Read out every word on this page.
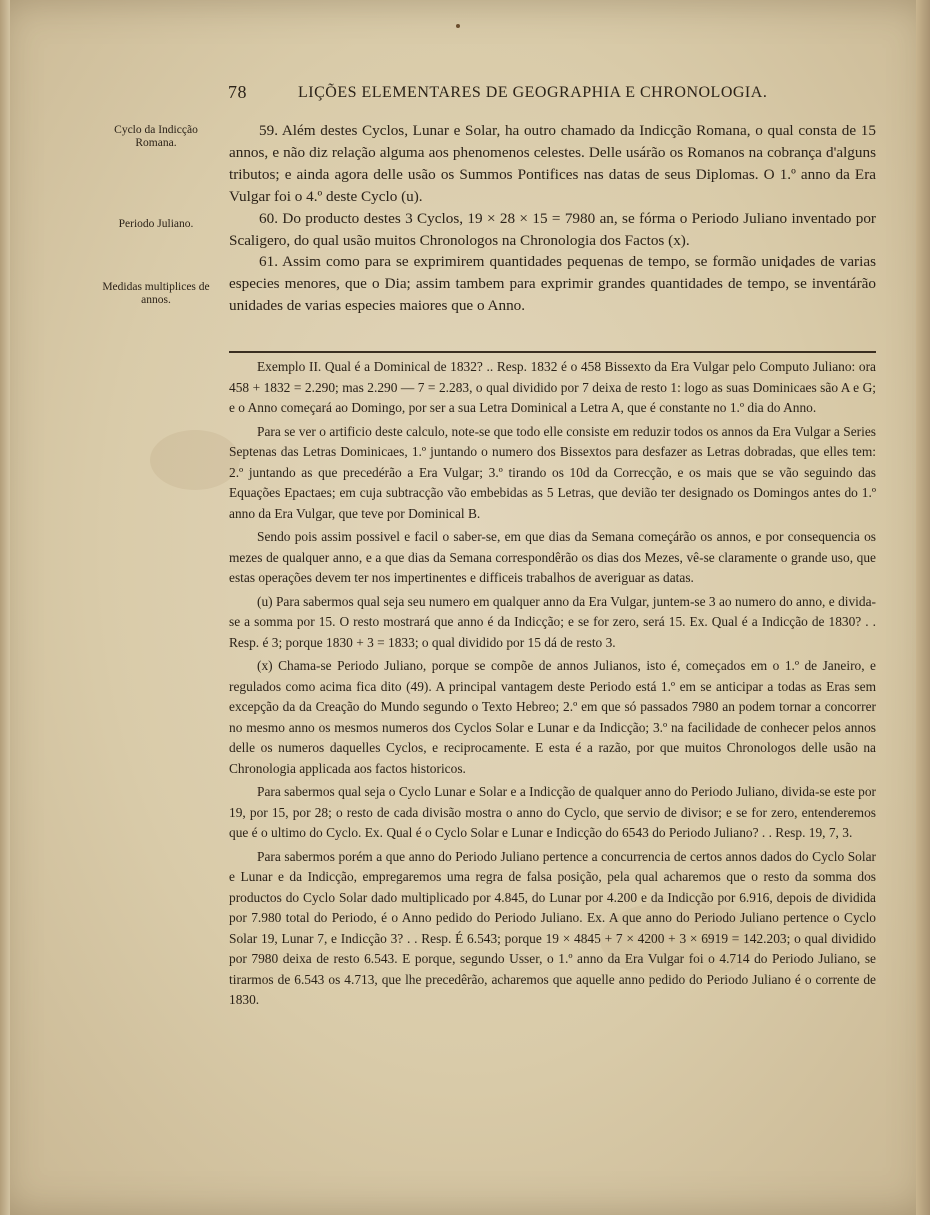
78	LIÇÕES ELEMENTARES DE GEOGRAPHIA E CHRONOLOGIA.
Cyclo da Indicção Romana.
Periodo Juliano.
Medidas multiplices de annos.

59. Além destes Cyclos, Lunar e Solar, ha outro chamado da Indicção Romana, o qual consta de 15 annos, e não diz relação alguma aos phenomenos celestes. Delle usárão os Romanos na cobrança d'alguns tributos; e ainda agora delle usão os Summos Pontifices nas datas de seus Diplomas. O 1.º anno da Era Vulgar foi o 4.º deste Cyclo (u).

60. Do producto destes 3 Cyclos, 19 × 28 × 15 = 7980 an, se fórma o Periodo Juliano inventado por Scaligero, do qual usão muitos Chronologos na Chronologia dos Factos (x).

61. Assim como para se exprimirem quantidades pequenas de tempo, se formão unidades de varias especies menores, que o Dia; assim tambem para exprimir grandes quantidades de tempo, se inventárão unidades de varias especies maiores que o Anno.

Exemplo II. Qual é a Dominical de 1832? .. Resp. 1832 é o 458 Bissexto da Era Vulgar pelo Computo Juliano: ora 458 + 1832 = 2.290; mas 2.290 — 7 = 2.283, o qual dividido por 7 deixa de resto 1: logo as suas Dominicaes são A e G; e o Anno começará ao Domingo, por ser a sua Letra Dominical a Letra A, que é constante no 1.º dia do Anno.

Para se ver o artificio deste calculo, note-se que todo elle consiste em reduzir todos os annos da Era Vulgar a Series Septenas das Letras Dominicaes, 1.º juntando o numero dos Bissextos para desfazer as Letras dobradas, que elles tem: 2.º juntando as que precedérão a Era Vulgar; 3.º tirando os 10d da Correcção, e os mais que se vão seguindo das Equações Epactaes; em cuja subtracção vão embebidas as 5 Letras, que devião ter designado os Domingos antes do 1.º anno da Era Vulgar, que teve por Dominical B.

Sendo pois assim possivel e facil o saber-se, em que dias da Semana começárão os annos, e por consequencia os mezes de qualquer anno, e a que dias da Semana correspondêrão os dias dos Mezes, vê-se claramente o grande uso, que estas operações devem ter nos impertinentes e difficeis trabalhos de averiguar as datas.

(u) Para sabermos qual seja seu numero em qualquer anno da Era Vulgar, juntem-se 3 ao numero do anno, e divida-se a somma por 15. O resto mostrará que anno é da Indicção; e se for zero, será 15. Ex. Qual é a Indicção de 1830? . . Resp. é 3; porque 1830 + 3 = 1833; o qual dividido por 15 dá de resto 3.

(x) Chama-se Periodo Juliano, porque se compõe de annos Julianos, isto é, começados em o 1.º de Janeiro, e regulados como acima fica dito (49). A principal vantagem deste Periodo está 1.º em se anticipar a todas as Eras sem excepção da da Creação do Mundo segundo o Texto Hebreo; 2.º em que só passados 7980 an podem tornar a concorrer no mesmo anno os mesmos numeros dos Cyclos Solar e Lunar e da Indicção; 3.º na facilidade de conhecer pelos annos delle os numeros daquelles Cyclos, e reciprocamente. E esta é a razão, por que muitos Chronologos delle usão na Chronologia applicada aos factos historicos.

Para sabermos qual seja o Cyclo Lunar e Solar e a Indicção de qualquer anno do Periodo Juliano, divida-se este por 19, por 15, por 28; o resto de cada divisão mostra o anno do Cyclo, que servio de divisor; e se for zero, entenderemos que é o ultimo do Cyclo. Ex. Qual é o Cyclo Solar e Lunar e Indicção do 6543 do Periodo Juliano? . . Resp. 19, 7, 3.

Para sabermos porém a que anno do Periodo Juliano pertence a concurrencia de certos annos dados do Cyclo Solar e Lunar e da Indicção, empregaremos uma regra de falsa posição, pela qual acharemos que o resto da somma dos productos do Cyclo Solar dado multiplicado por 4.845, do Lunar por 4.200 e da Indicção por 6.916, depois de dividida por 7.980 total do Periodo, é o Anno pedido do Periodo Juliano. Ex. A que anno do Periodo Juliano pertence o Cyclo Solar 19, Lunar 7, e Indicção 3? . . Resp. É 6.543; porque 19 × 4845 + 7 × 4200 + 3 × 6919 = 142.203; o qual dividido por 7980 deixa de resto 6.543. E porque, segundo Usser, o 1.º anno da Era Vulgar foi o 4.714 do Periodo Juliano, se tirarmos de 6.543 os 4.713, que lhe precedêrão, acharemos que aquelle anno pedido do Periodo Juliano é o corrente de 1830.
